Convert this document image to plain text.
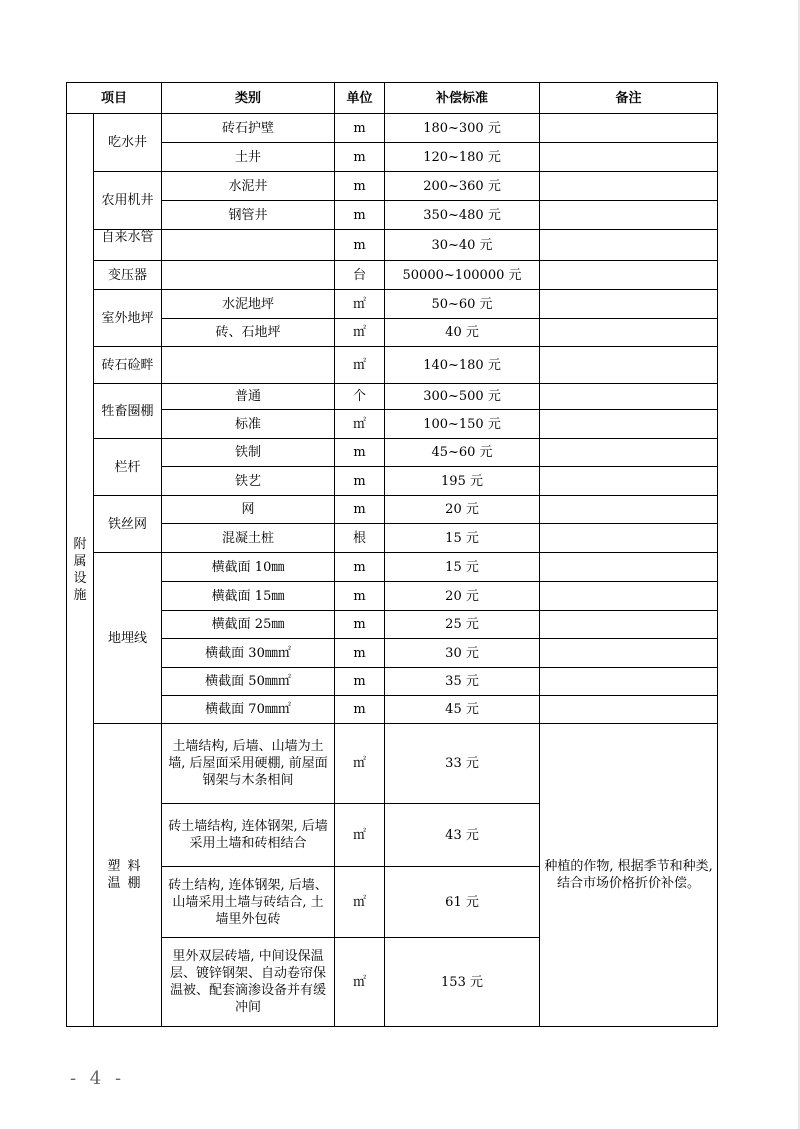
项目		类别	单位	补偿标准	备注

附属设施	吃水井	砖石护壁	m	180~300 元	
		土井	m	120~180 元	
	农用机井	水泥井	m	200~360 元	
		钢管井	m	350~480 元	

	自来水管		m	30~40 元	
	变压器		台	50000~100000 元	
	室外地坪	水泥地坪	㎡	50~60 元	
		砖、石地坪	㎡	40 元	
	砖石硷畔		㎡	140~180 元	
	牲畜圈棚	普通	个	300~500 元	
		标准	㎡	100~150 元	
	栏杆	铁制	m	45~60 元	
		铁艺	m	195 元	
	铁丝网	网	m	20 元	
		混凝土桩	根	15 元	
	地埋线	横截面 10㎜	m	15 元	
		横截面 15㎜	m	20 元	
		横截面 25㎜	m	25 元	
		横截面 30㎜㎡	m	30 元	
		横截面 50㎜㎡	m	35 元	
		横截面 70㎜㎡	m	45 元	
	塑料温棚	土墙结构, 后墙、山墙为土墙, 后屋面采用硬棚, 前屋面钢架与木条相间	㎡	33 元	种植的作物, 根据季节和种类, 结合市场价格折价补偿。
		砖土墙结构, 连体钢架, 后墙采用土墙和砖相结合	㎡	43 元	
		砖土结构, 连体钢架, 后墙、山墙采用土墙与砖结合, 土墙里外包砖	㎡	61 元	
		里外双层砖墙, 中间设保温层、镀锌钢架、自动卷帘保温被、配套滴渗设备并有缓冲间	㎡	153 元	
- 4 -
